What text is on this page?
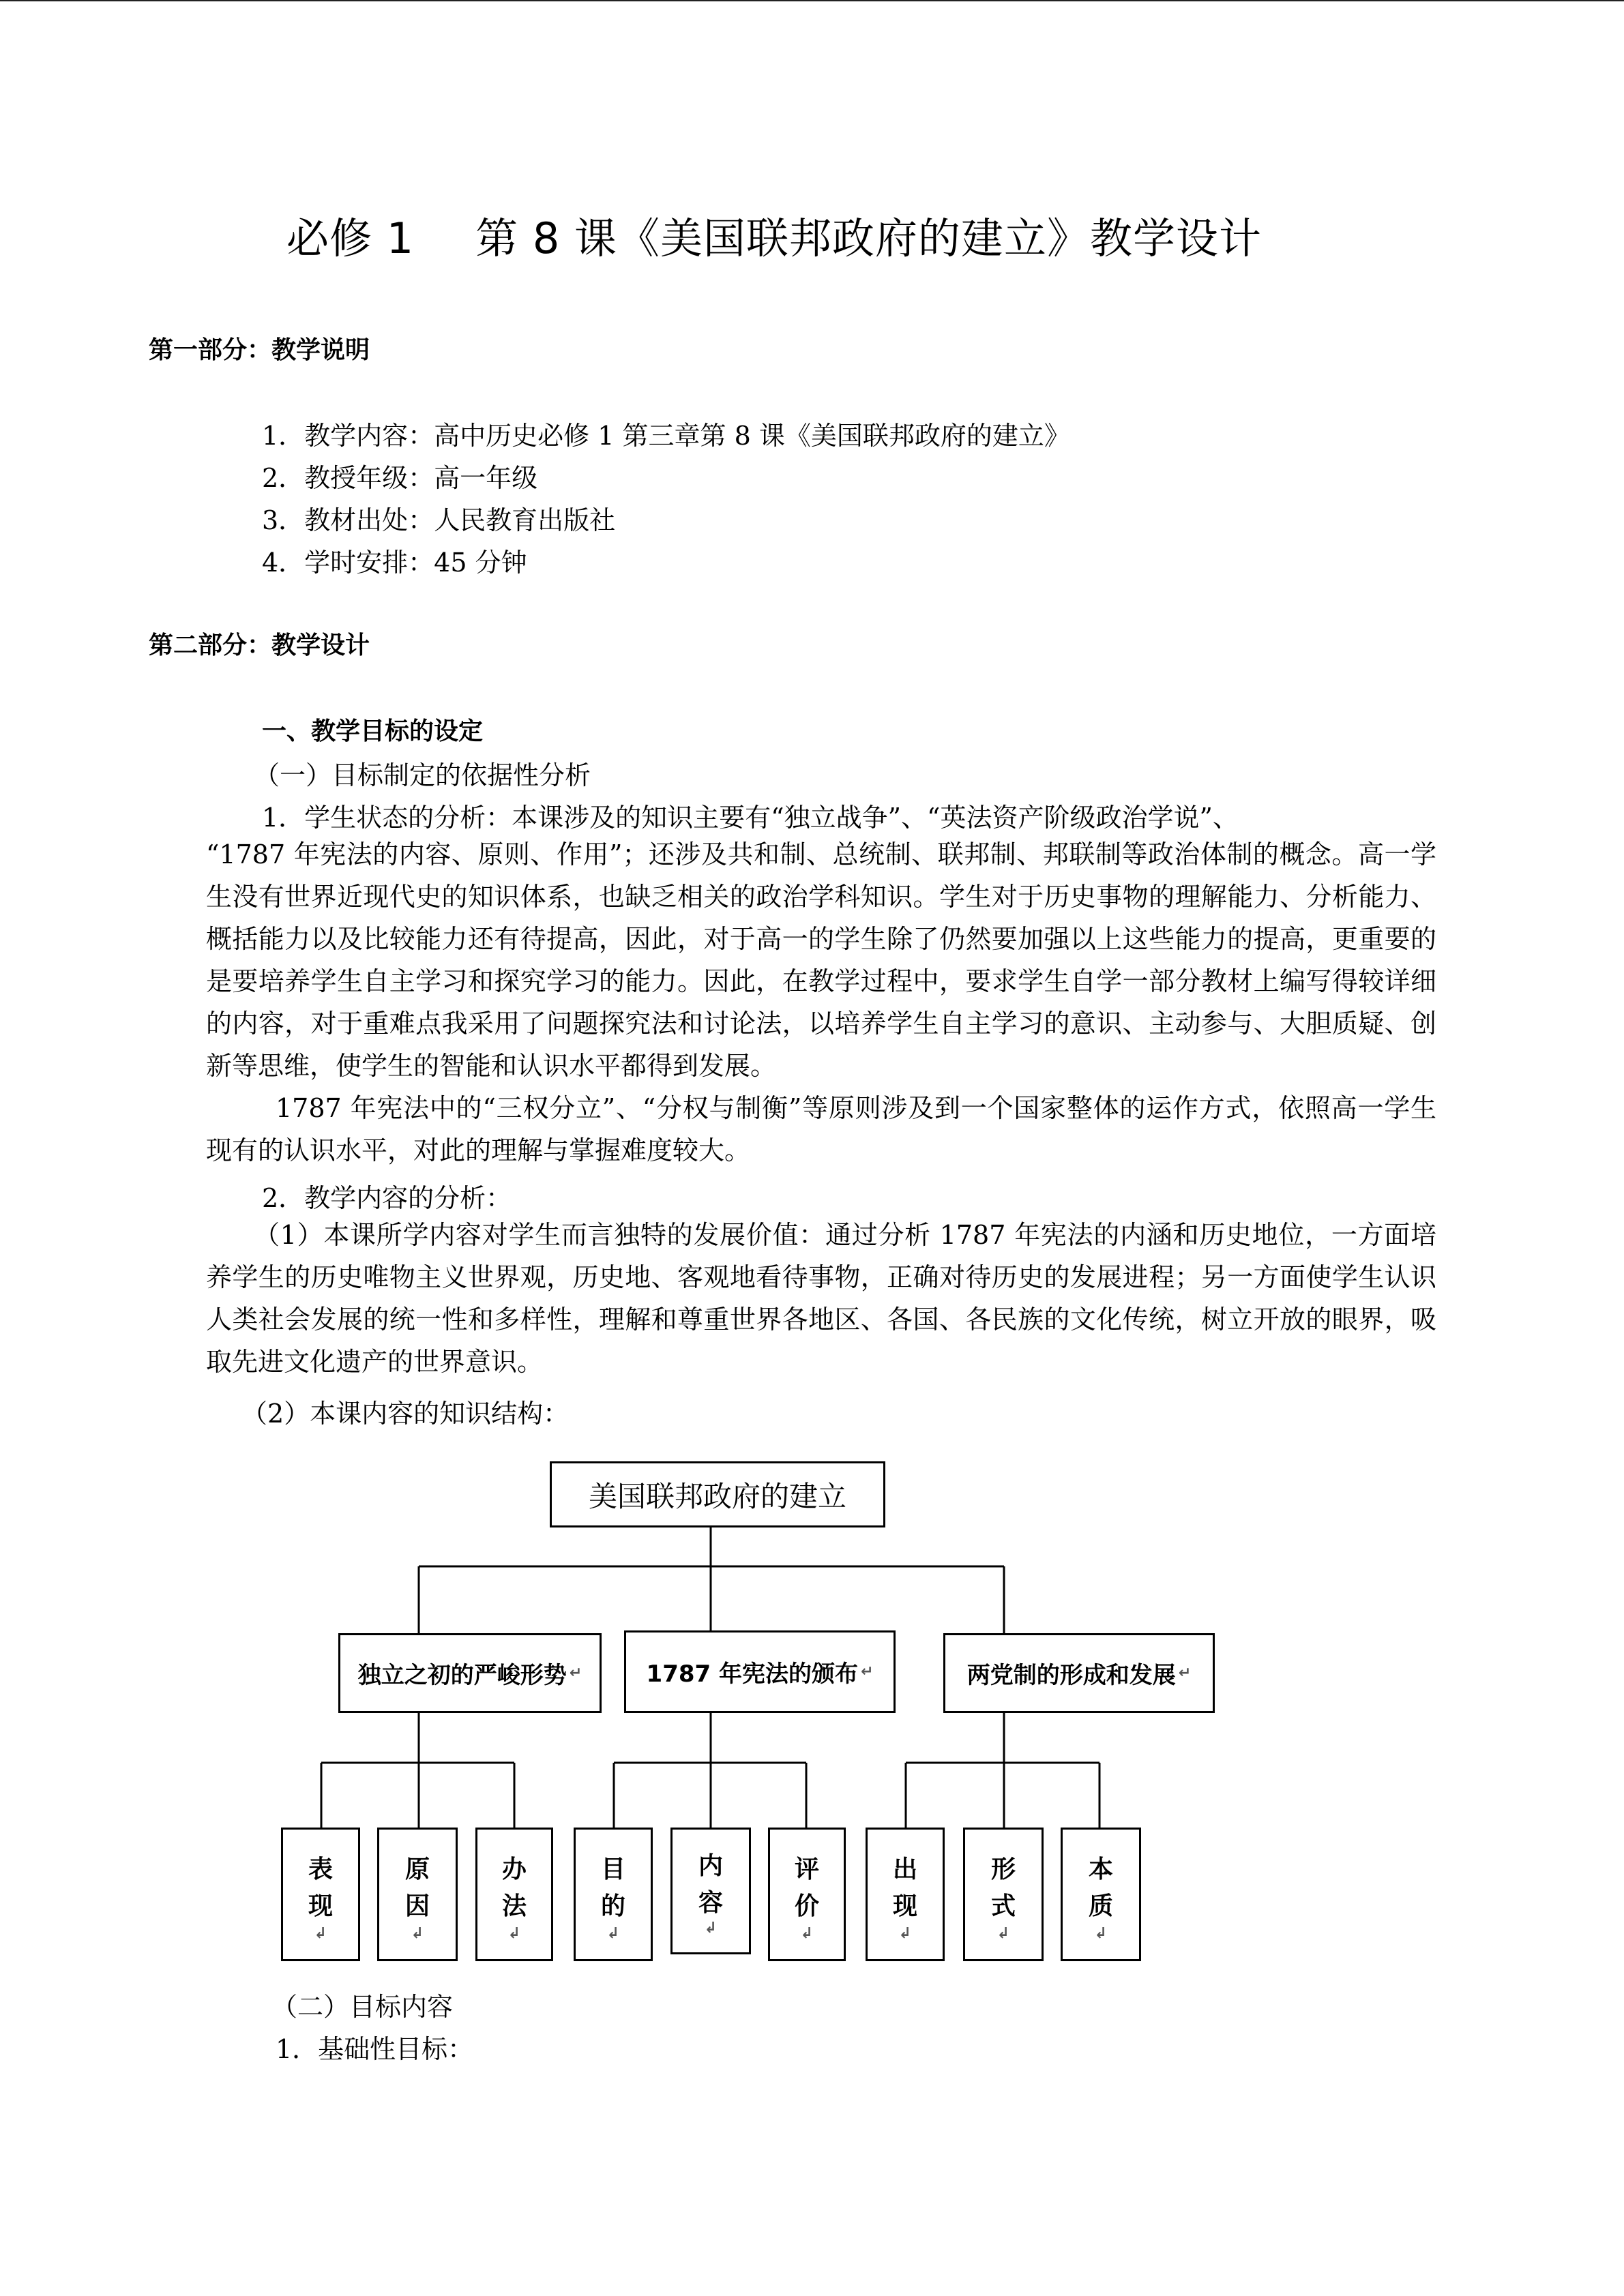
必修 1 第 8 课《美国联邦政府的建立》教学设计
第一部分：教学说明
1．教学内容：高中历史必修 1 第三章第 8 课《美国联邦政府的建立》
2．教授年级：高一年级
3．教材出处：人民教育出版社
4．学时安排：45 分钟
第二部分：教学设计
一、教学目标的设定
（一）目标制定的依据性分析
1．学生状态的分析：本课涉及的知识主要有“独立战争”、“英法资产阶级政治学说”、
“1787 年宪法的内容、原则、作用”；还涉及共和制、总统制、联邦制、邦联制等政治体制的概念。高一学生没有世界近现代史的知识体系，也缺乏相关的政治学科知识。学生对于历史事物的理解能力、分析能力、概括能力以及比较能力还有待提高，因此，对于高一的学生除了仍然要加强以上这些能力的提高，更重要的是要培养学生自主学习和探究学习的能力。因此，在教学过程中，要求学生自学一部分教材上编写得较详细的内容，对于重难点我采用了问题探究法和讨论法，以培养学生自主学习的意识、主动参与、大胆质疑、创新等思维，使学生的智能和认识水平都得到发展。
1787 年宪法中的“三权分立”、“分权与制衡”等原则涉及到一个国家整体的运作方式，依照高一学生现有的认识水平，对此的理解与掌握难度较大。
2．教学内容的分析：
（1）本课所学内容对学生而言独特的发展价值：通过分析 1787 年宪法的内涵和历史地位，一方面培养学生的历史唯物主义世界观，历史地、客观地看待事物，正确对待历史的发展进程；另一方面使学生认识人类社会发展的统一性和多样性，理解和尊重世界各地区、各国、各民族的文化传统，树立开放的眼界，吸取先进文化遗产的世界意识。
（2）本课内容的知识结构：
美国联邦政府的建立
独立之初的严峻形势 ↵	1787 年宪法的颁布 ↵	两党制的形成和发展 ↵
表
现
↲
原
因
↲
办
法
↲
目
的
↲
内
容
↲
评
价
↲
出
现
↲
形
式
↲
本
质
↲
（二）目标内容
1．基础性目标：
